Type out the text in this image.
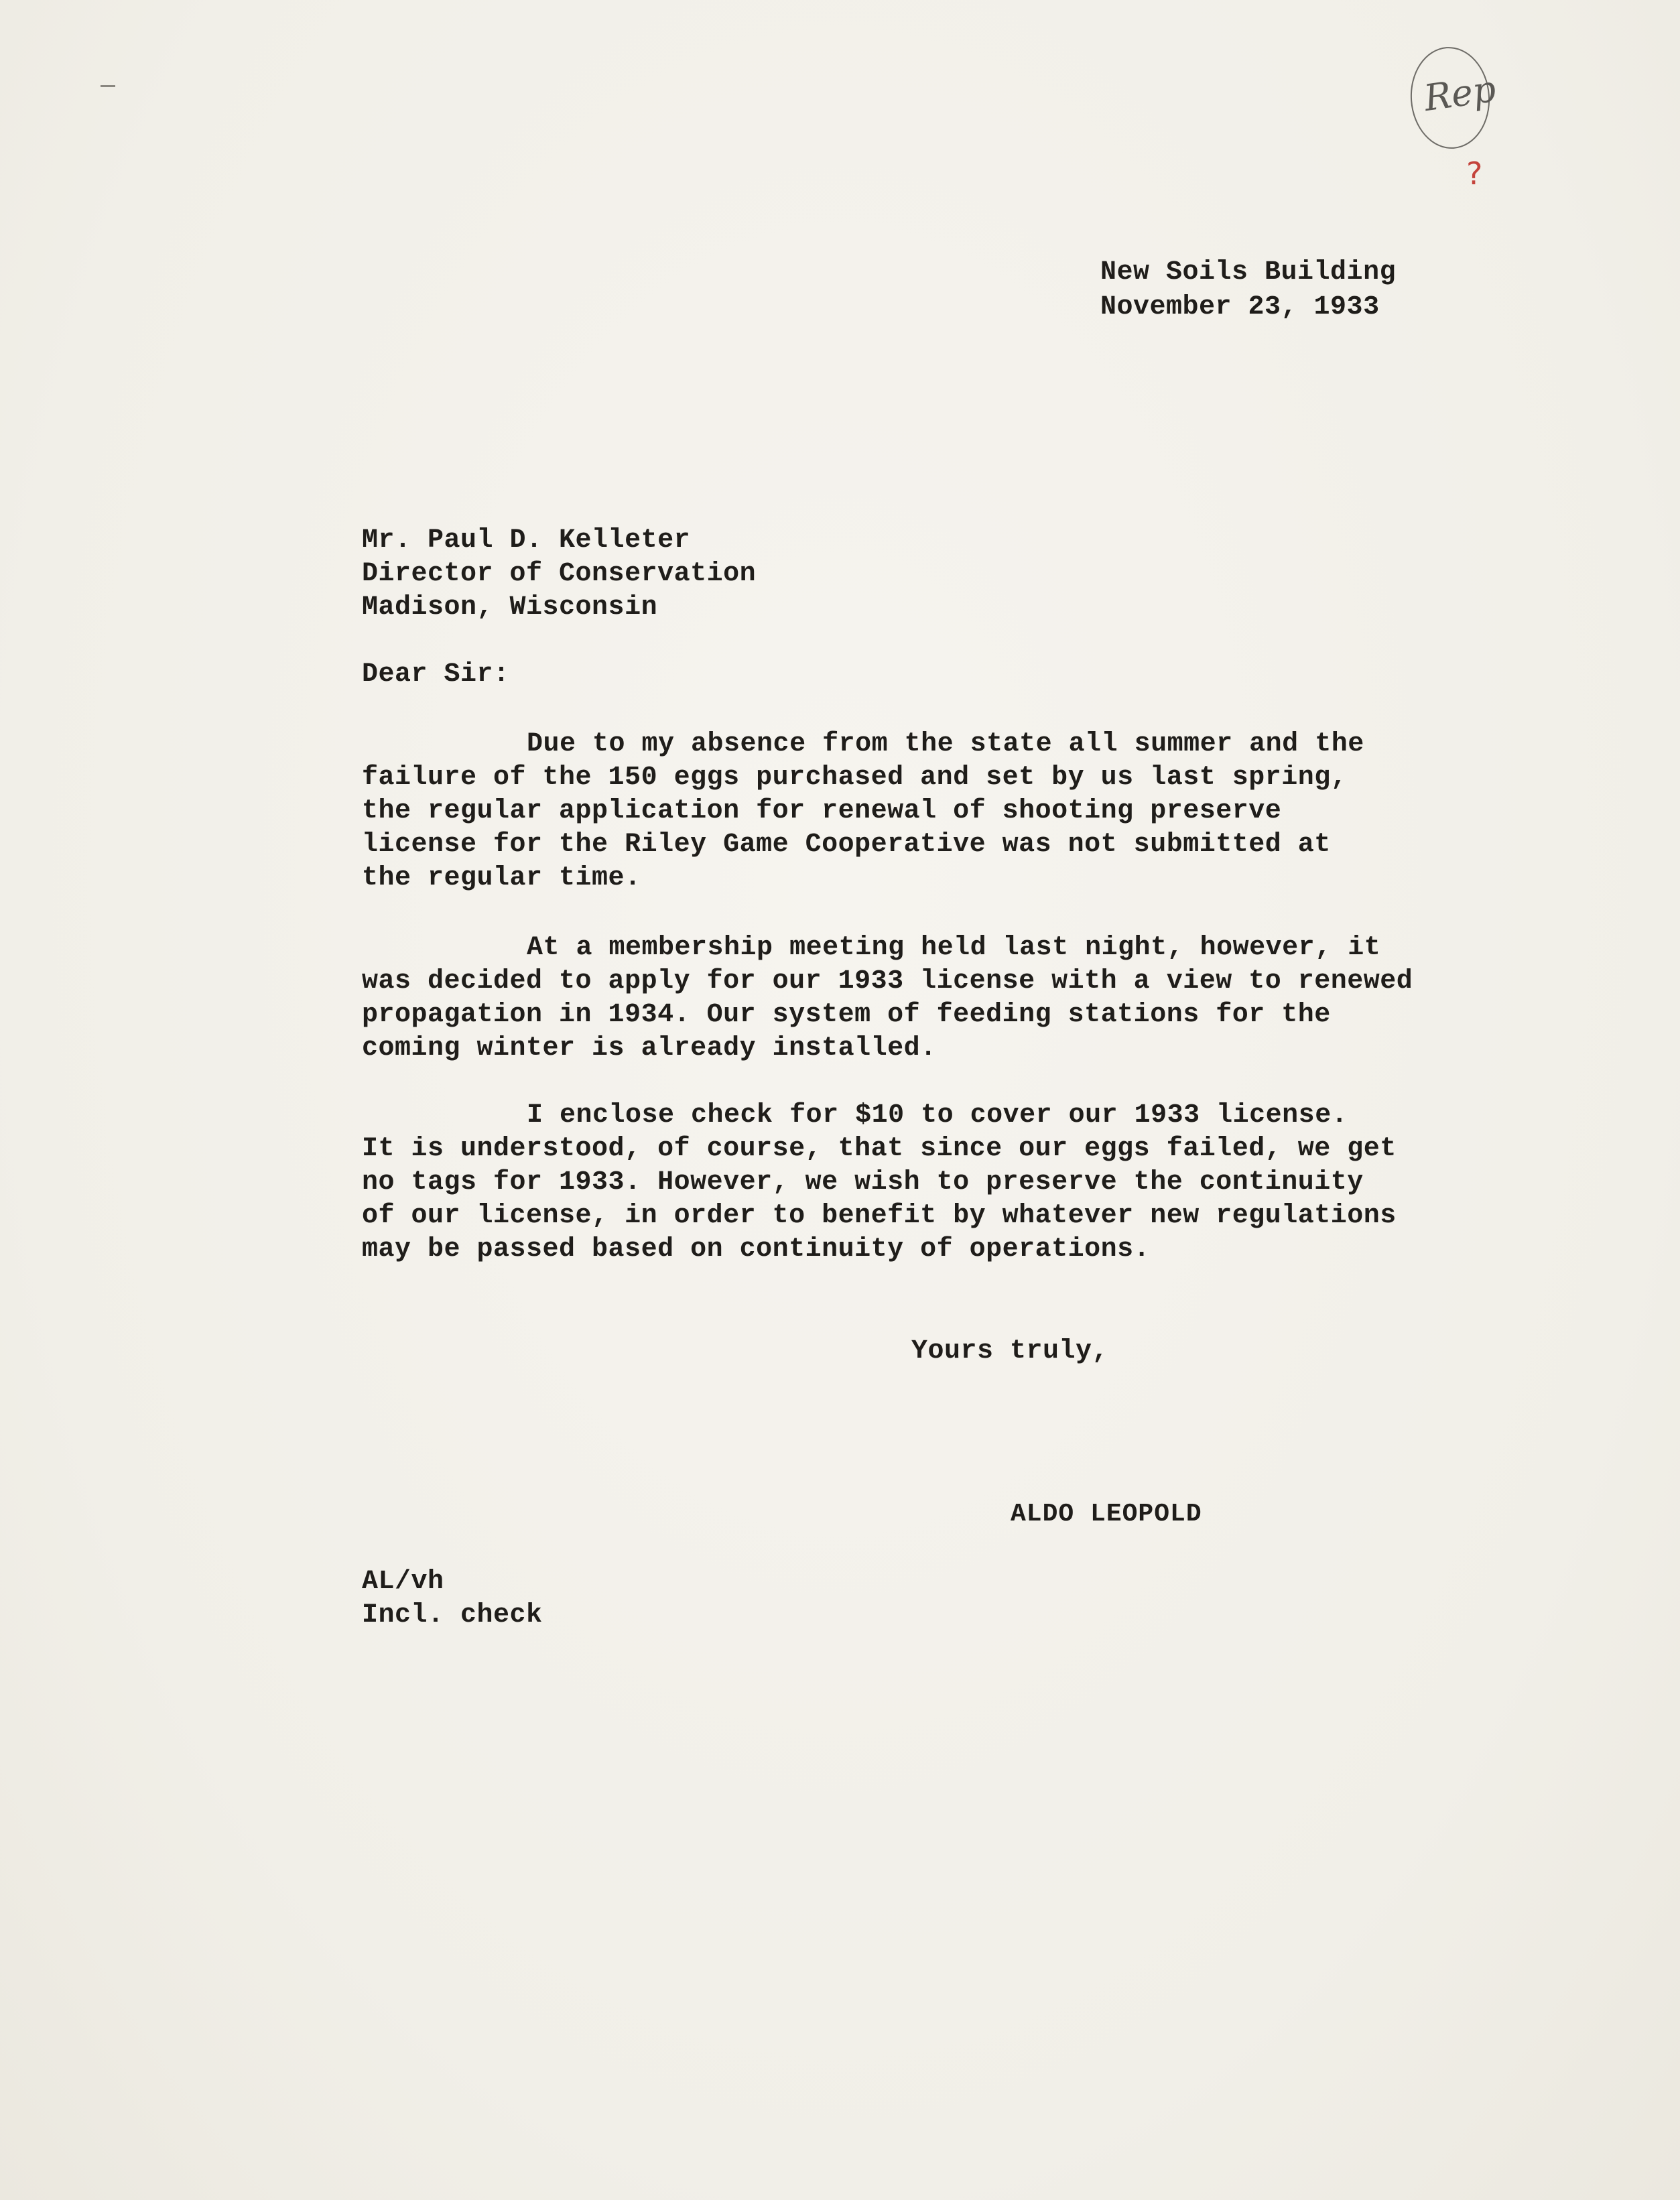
Rep
?
New Soils Building
November 23, 1933
Mr. Paul D. Kelleter
Director of Conservation
Madison, Wisconsin
Dear Sir:
Due to my absence from the state all summer and the
failure of the 150 eggs purchased and set by us last spring,
the regular application for renewal of shooting preserve
license for the Riley Game Cooperative was not submitted at
the regular time.
At a membership meeting held last night, however, it
was decided to apply for our 1933 license with a view to renewed
propagation in 1934. Our system of feeding stations for the
coming winter is already installed.
I enclose check for $10 to cover our 1933 license.
It is understood, of course, that since our eggs failed, we get
no tags for 1933. However, we wish to preserve the continuity
of our license, in order to benefit by whatever new regulations
may be passed based on continuity of operations.
Yours truly,
ALDO LEOPOLD
AL/vh
Incl. check
